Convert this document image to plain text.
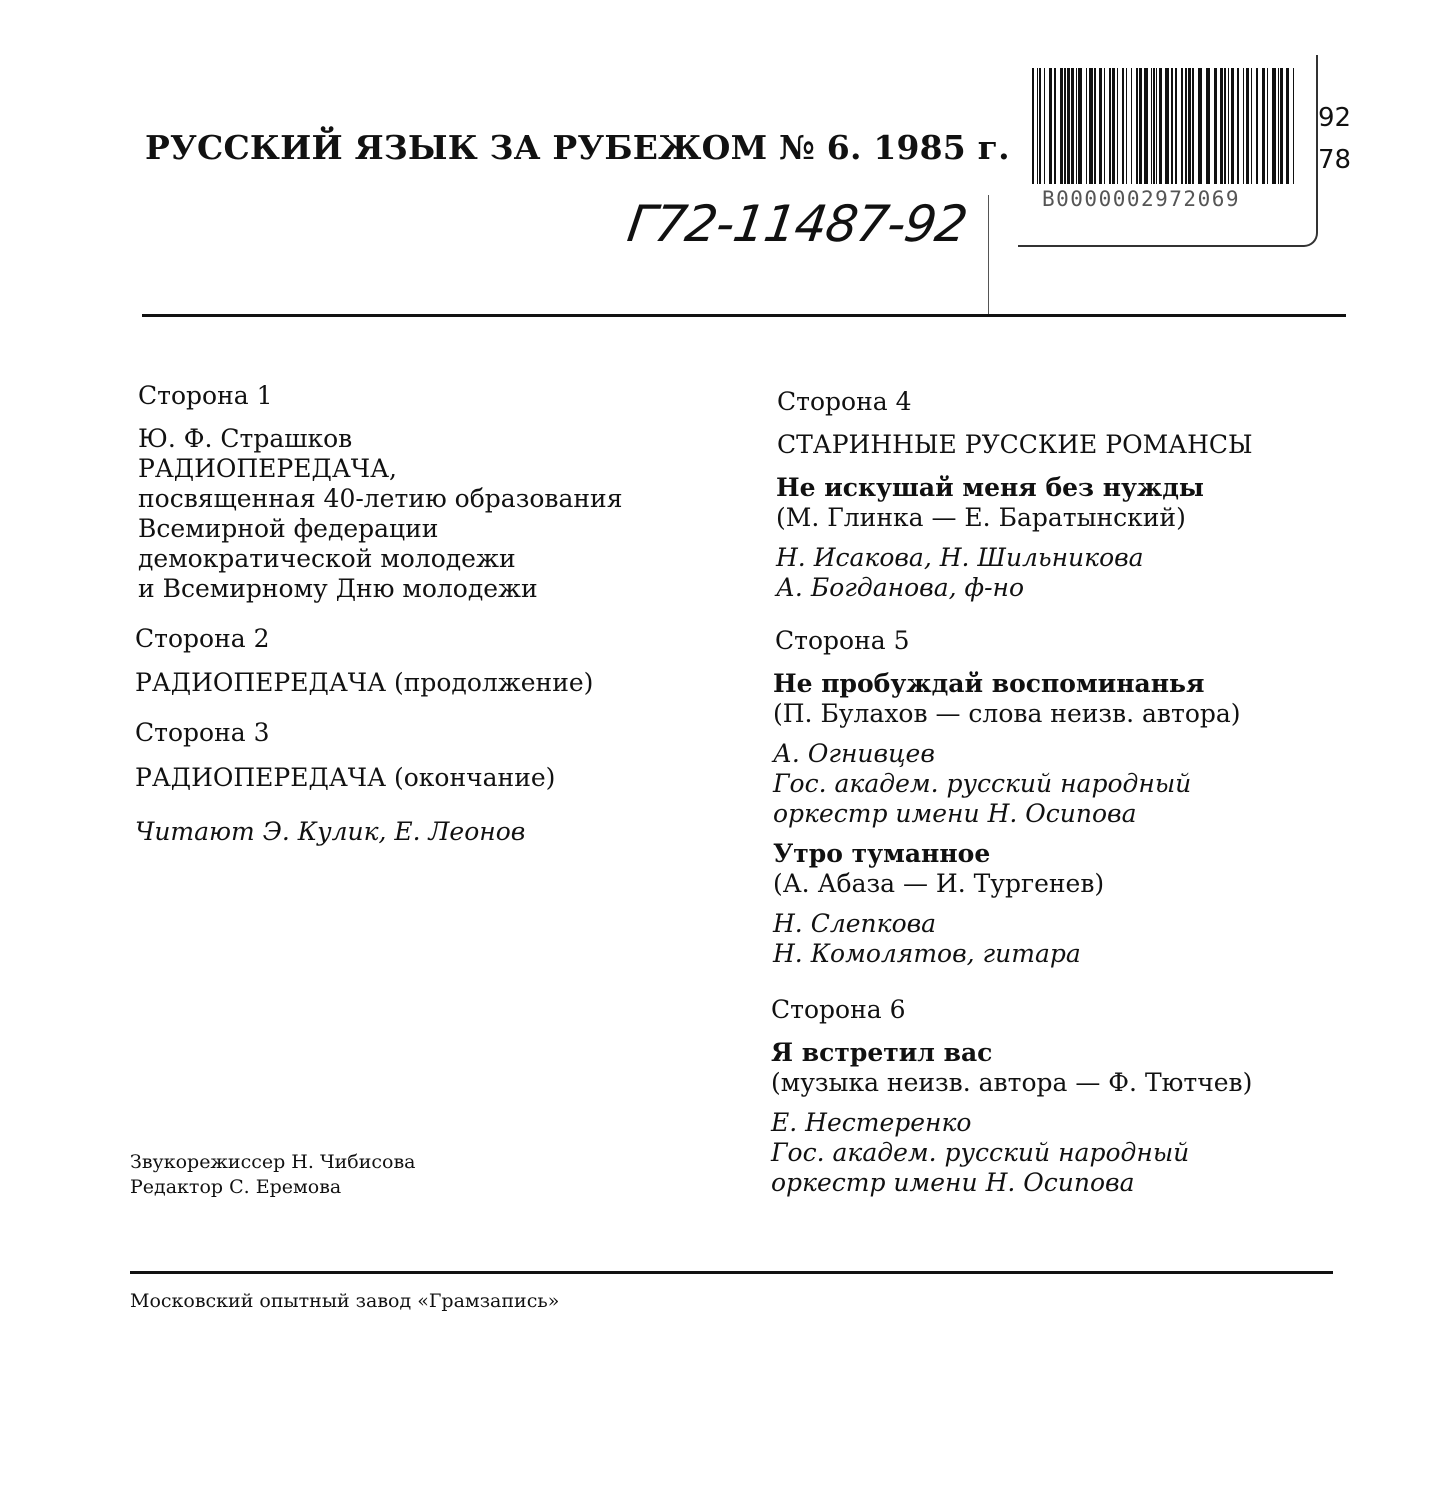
РУССКИЙ ЯЗЫК ЗА РУБЕЖОМ № 6. 1985 г.
Г72-11487-92	B0000002972069
92
78
Сторона 1
Ю. Ф. Страшков
РАДИОПЕРЕДАЧА,
посвященная 40-летию образования
Всемирной федерации
демократической молодежи
и Всемирному Дню молодежи
Сторона 2
РАДИОПЕРЕДАЧА (продолжение)
Сторона 3
РАДИОПЕРЕДАЧА (окончание)
Читают Э. Кулик, Е. Леонов
Звукорежиссер Н. Чибисова
Редактор С. Еремова
Сторона 4
СТАРИННЫЕ РУССКИЕ РОМАНСЫ
Не искушай меня без нужды
(М. Глинка — Е. Баратынский)
Н. Исакова, Н. Шильникова
А. Богданова, ф-но
Сторона 5
Не пробуждай воспоминанья
(П. Булахов — слова неизв. автора)
А. Огнивцев
Гос. академ. русский народный
оркестр имени Н. Осипова
Утро туманное
(А. Абаза — И. Тургенев)
Н. Слепкова
Н. Комолятов, гитара
Сторона 6
Я встретил вас
(музыка неизв. автора — Ф. Тютчев)
Е. Нестеренко
Гос. академ. русский народный
оркестр имени Н. Осипова
Московский опытный завод «Грамзапись»
